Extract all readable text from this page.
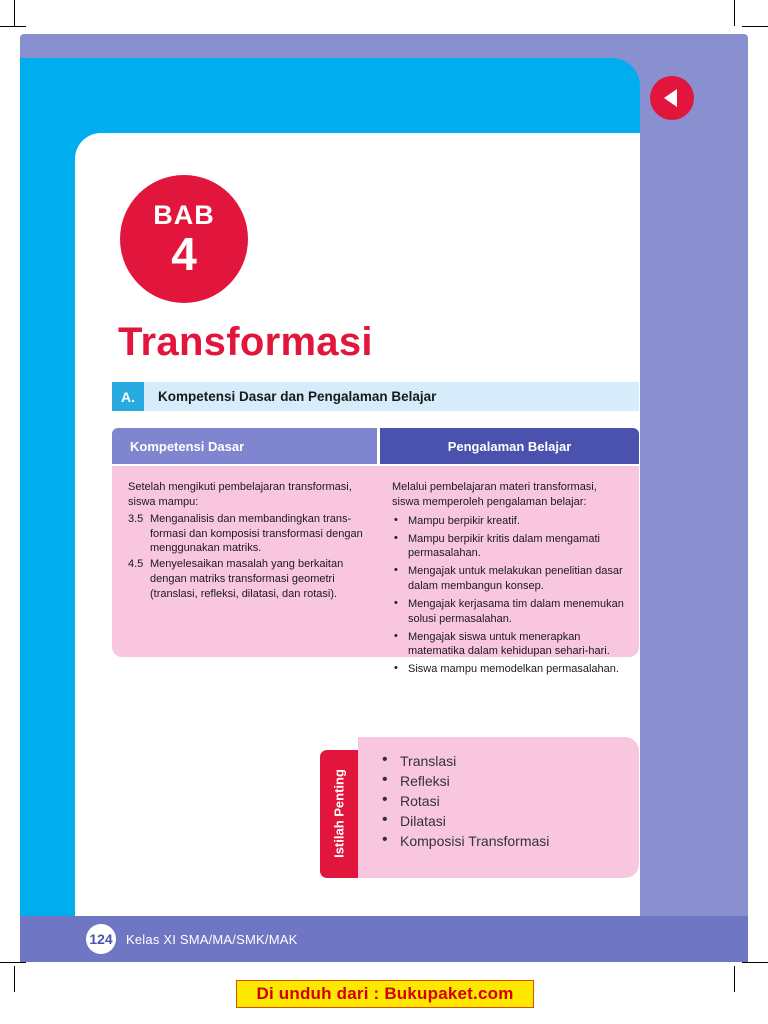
BAB
4
Transformasi
A.	Kompetensi Dasar dan Pengalaman Belajar
Kompetensi Dasar	Pengalaman Belajar

Setelah mengikuti pembelajaran transformasi, siswa mampu:

3.5 Menganalisis dan membandingkan trans-formasi dan komposisi transformasi dengan menggunakan matriks.
4.5 Menyelesaikan masalah yang berkaitan dengan matriks transformasi geometri (translasi, refleksi, dilatasi, dan rotasi).

Melalui pembelajaran materi transformasi, siswa memperoleh pengalaman belajar:

• Mampu berpikir kreatif.
• Mampu berpikir kritis dalam mengamati permasalahan.
• Mengajak untuk melakukan penelitian dasar dalam membangun konsep.
• Mengajak kerjasama tim dalam menemukan solusi permasalahan.
• Mengajak siswa untuk menerapkan matematika dalam kehidupan sehari-hari.
• Siswa mampu memodelkan permasalahan.
Istilah Penting
• Translasi
• Refleksi
• Rotasi
• Dilatasi
• Komposisi Transformasi
124 Kelas XI SMA/MA/SMK/MAK
Di unduh dari : Bukupaket.com
